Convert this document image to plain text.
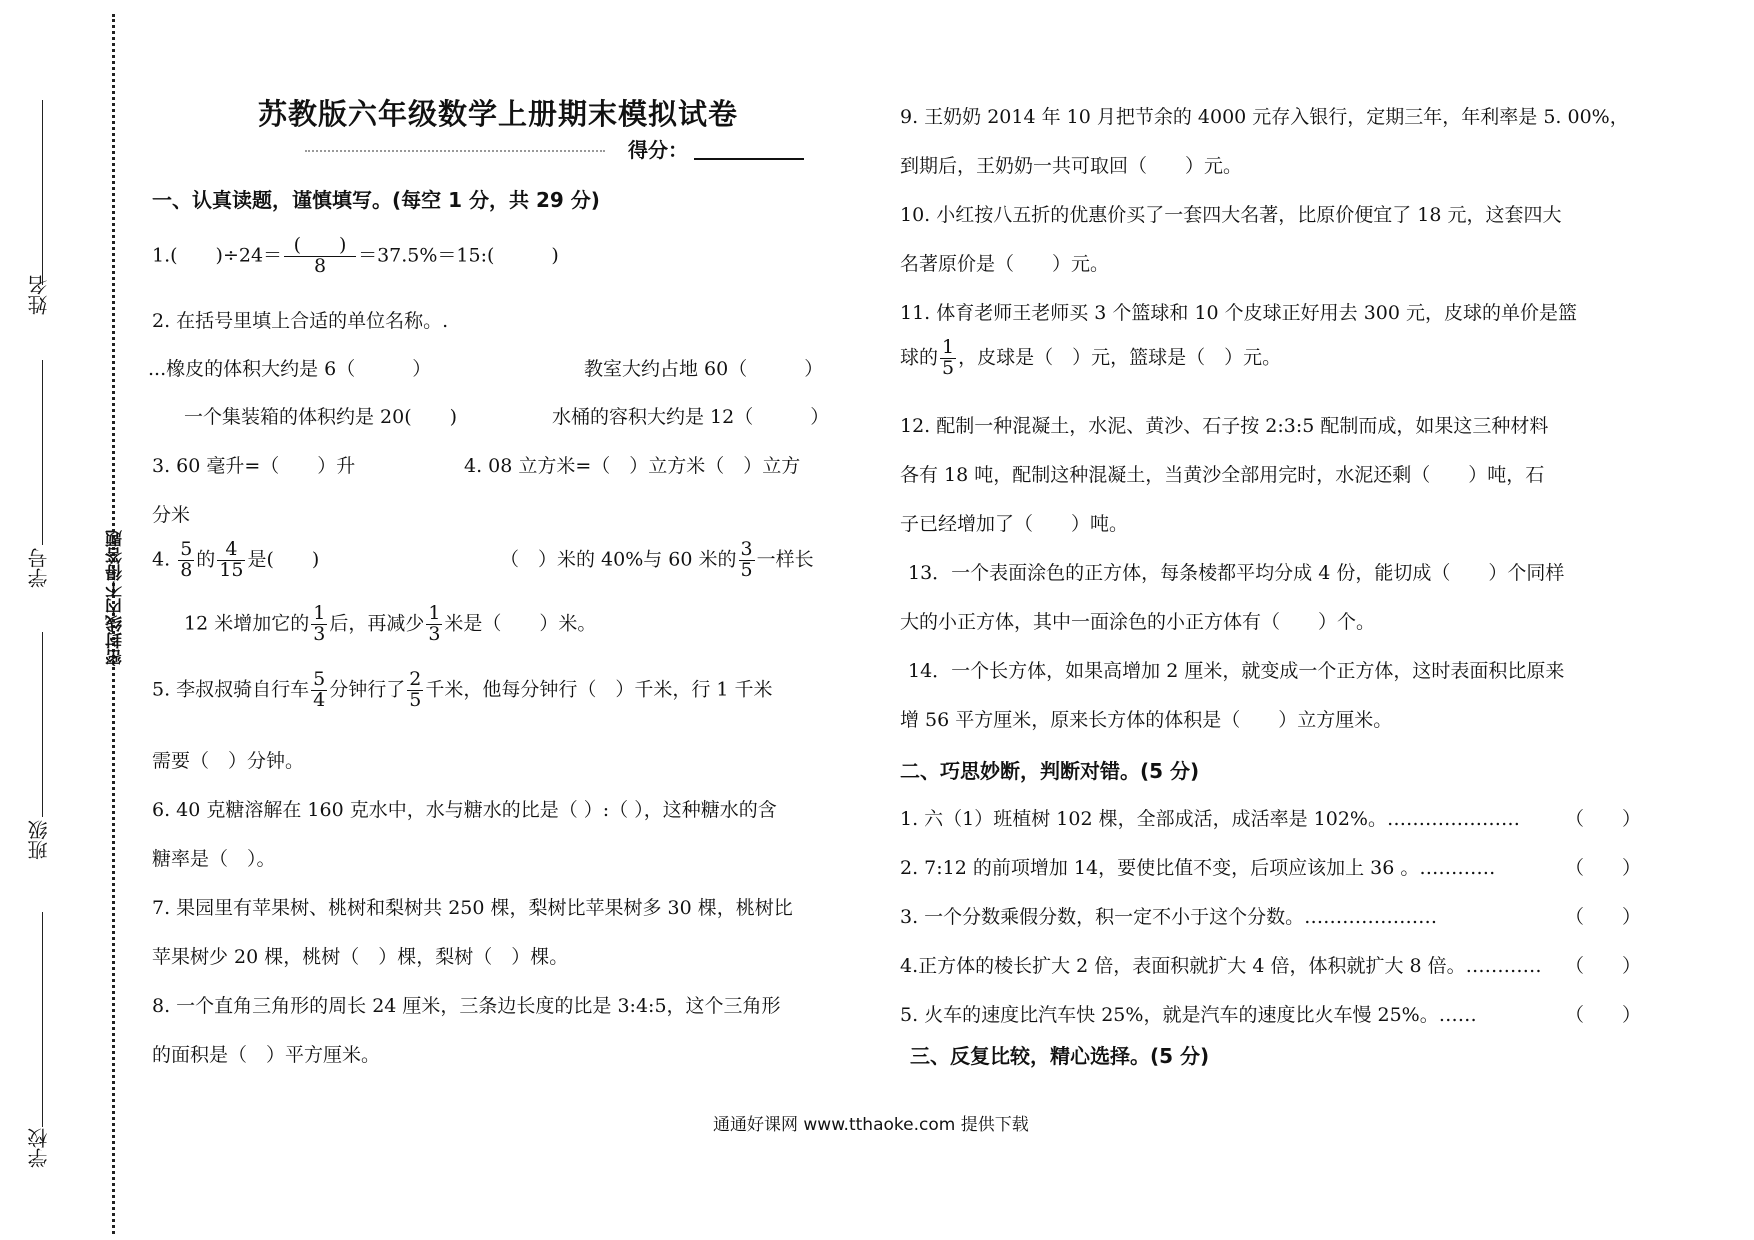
姓名
学号
班级
学校
密封线内不得答题
苏教版六年级数学上册期末模拟试卷
得分：
一、认真读题，谨慎填写。(每空 1 分，共 29 分)
1.(　　)$\div 24= \frac{( )}{8}$ ＝37.5%＝15:(　　　)
2. 在括号里填上合适的单位名称。.
...橡皮的体积大约是 6（　　　）	教室大约占地 60（　　　）
一个集装箱的体积约是 20(　　)	水桶的容积大约是 12（　　　）
3. 60 毫升=（　　）升	4. 08 立方米=（　）立方米（　）立方
分米
4. $\frac{5}{8}$ 的 $\frac{4}{15}$ 是(　　)	（　）米的 40%与 60 米的 $\frac{3}{5}$ 一样长
12 米增加它的 $\frac{1}{3}$ 后，再减少 $\frac{1}{3}$ 米是（　　）米。
5. 李叔叔骑自行车 $\frac{5}{4}$ 分钟行了 $\frac{2}{5}$ 千米，他每分钟行（　）千米，行 1 千米
需要（　）分钟。
6. 40 克糖溶解在 160 克水中，水与糖水的比是（ ）:（ ），这种糖水的含
糖率是（　）。
7. 果园里有苹果树、桃树和梨树共 250 棵，梨树比苹果树多 30 棵，桃树比
苹果树少 20 棵，桃树（　）棵，梨树（　）棵。
8. 一个直角三角形的周长 24 厘米，三条边长度的比是 3:4:5，这个三角形
的面积是（　）平方厘米。
9. 王奶奶 2014 年 10 月把节余的 4000 元存入银行，定期三年，年利率是 5. 00%，
到期后，王奶奶一共可取回（　　）元。
10. 小红按八五折的优惠价买了一套四大名著，比原价便宜了 18 元，这套四大
名著原价是（　　）元。
11. 体育老师王老师买 3 个篮球和 10 个皮球正好用去 300 元，皮球的单价是篮
球的 $\frac{1}{5}$ ，皮球是（　）元，篮球是（　）元。
12. 配制一种混凝土，水泥、黄沙、石子按 2:3:5 配制而成，如果这三种材料
各有 18 吨，配制这种混凝土，当黄沙全部用完时，水泥还剩（　　）吨，石
子已经增加了（　　）吨。
13．一个表面涂色的正方体，每条棱都平均分成 4 份，能切成（　　）个同样
大的小正方体，其中一面涂色的小正方体有（　　）个。
14．一个长方体，如果高增加 2 厘米，就变成一个正方体，这时表面积比原来
增 56 平方厘米，原来长方体的体积是（　　）立方厘米。
二、巧思妙断，判断对错。(5 分)
1. 六（1）班植树 102 棵，全部成活，成活率是 102%。………………… （　　）
2. 7:12 的前项增加 14，要使比值不变，后项应该加上 36 。…………	（　　）
3. 一个分数乘假分数，积一定不小于这个分数。…………………	（　　）
4.正方体的棱长扩大 2 倍，表面积就扩大 4 倍，体积就扩大 8 倍。………… （　　）
5. 火车的速度比汽车快 25%，就是汽车的速度比火车慢 25%。……	（　　）
三、反复比较，精心选择。(5 分)
通通好课网 www.tthaoke.com 提供下载
